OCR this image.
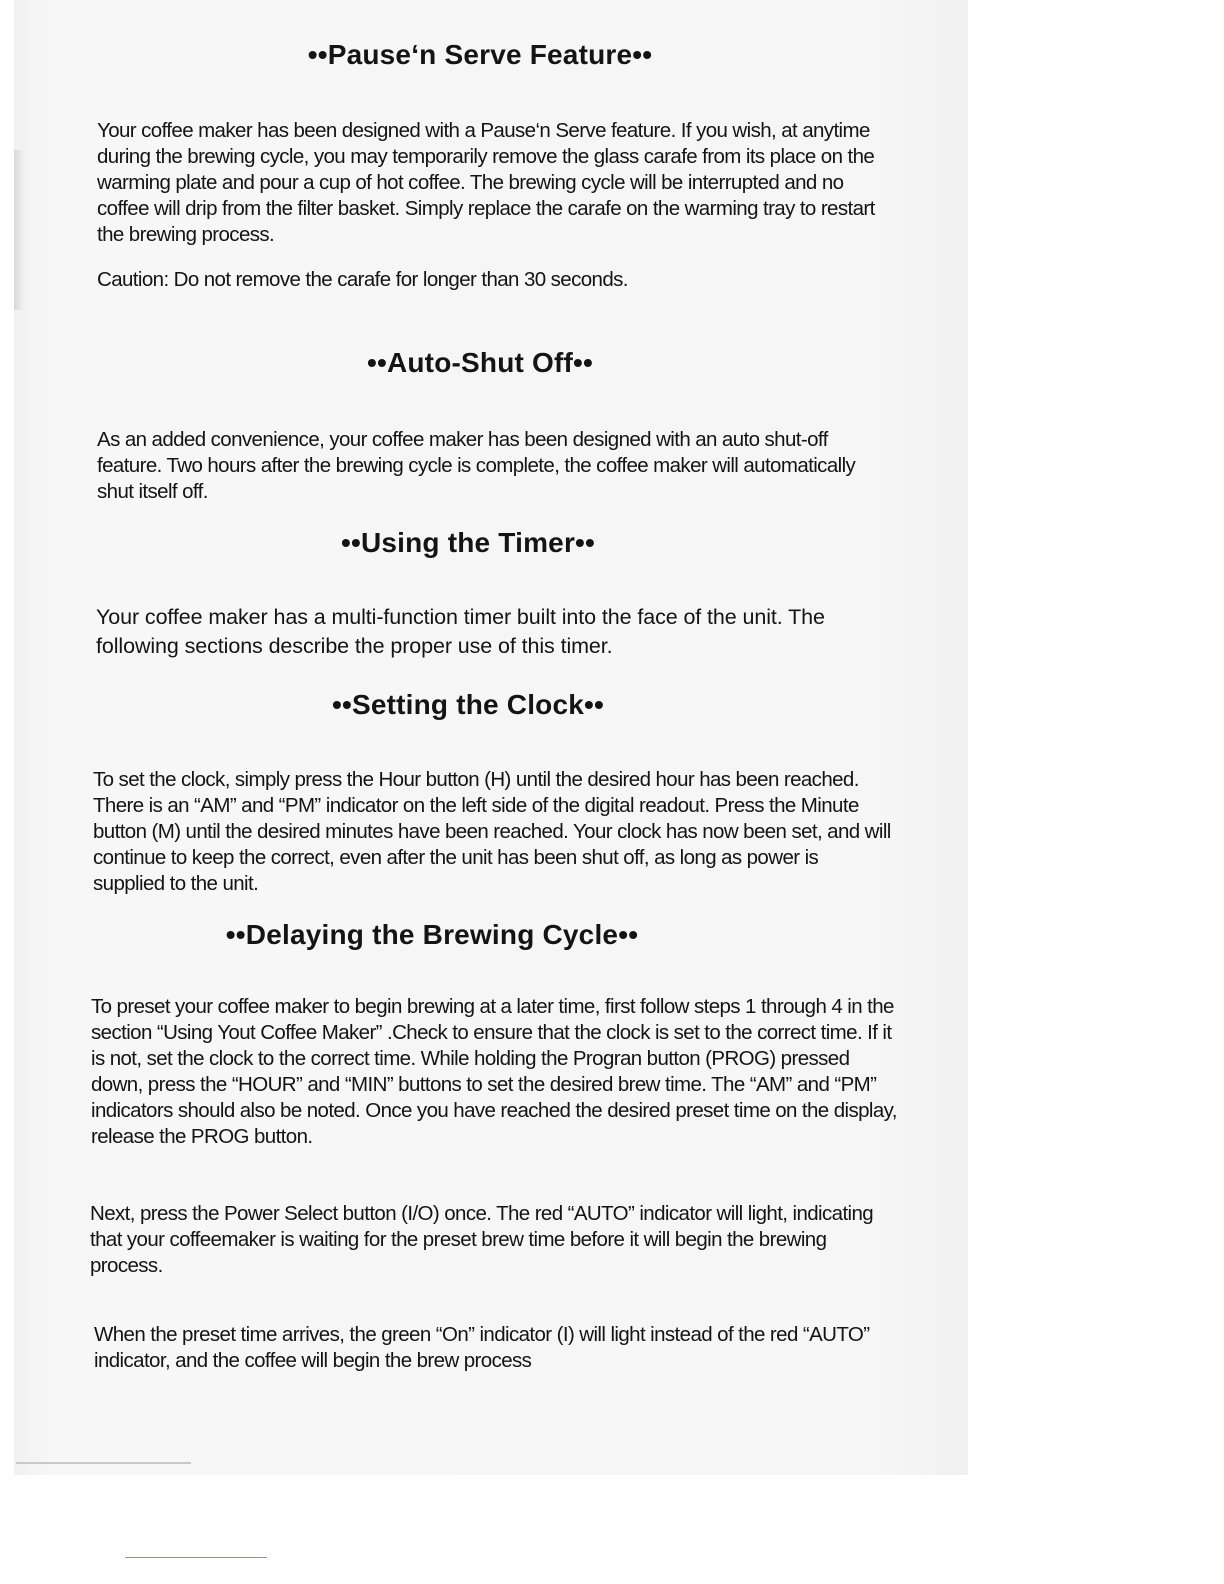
••Pause‘n Serve Feature••

Your coffee maker has been designed with a Pause‘n Serve feature. If you wish, at anytime during the brewing cycle, you may temporarily remove the glass carafe from its place on the warming plate and pour a cup of hot coffee. The brewing cycle will be interrupted and no coffee will drip from the filter basket. Simply replace the carafe on the warming tray to restart the brewing process.

Caution: Do not remove the carafe for longer than 30 seconds.

••Auto-Shut Off••

As an added convenience, your coffee maker has been designed with an auto shut-off feature. Two hours after the brewing cycle is complete, the coffee maker will automatically shut itself off.

••Using the Timer••

Your coffee maker has a multi-function timer built into the face of the unit. The following sections describe the proper use of this timer.

••Setting the Clock••

To set the clock, simply press the Hour button (H) until the desired hour has been reached. There is an “AM” and “PM” indicator on the left side of the digital readout. Press the Minute button (M) until the desired minutes have been reached. Your clock has now been set, and will continue to keep the correct, even after the unit has been shut off, as long as power is supplied to the unit.

••Delaying the Brewing Cycle••

To preset your coffee maker to begin brewing at a later time, first follow steps 1 through 4 in the section “Using Yout Coffee Maker” .Check to ensure that the clock is set to the correct time. If it is not, set the clock to the correct time. While holding the Progran button (PROG) pressed down, press the “HOUR” and “MIN” buttons to set the desired brew time. The “AM” and “PM” indicators should also be noted. Once you have reached the desired preset time on the display, release the PROG button.

Next, press the Power Select button (I/O) once. The red “AUTO” indicator will light, indicating that your coffeemaker is waiting for the preset brew time before it will begin the brewing process.

When the preset time arrives, the green “On” indicator (I) will light instead of the red “AUTO” indicator, and the coffee will begin the brew process
